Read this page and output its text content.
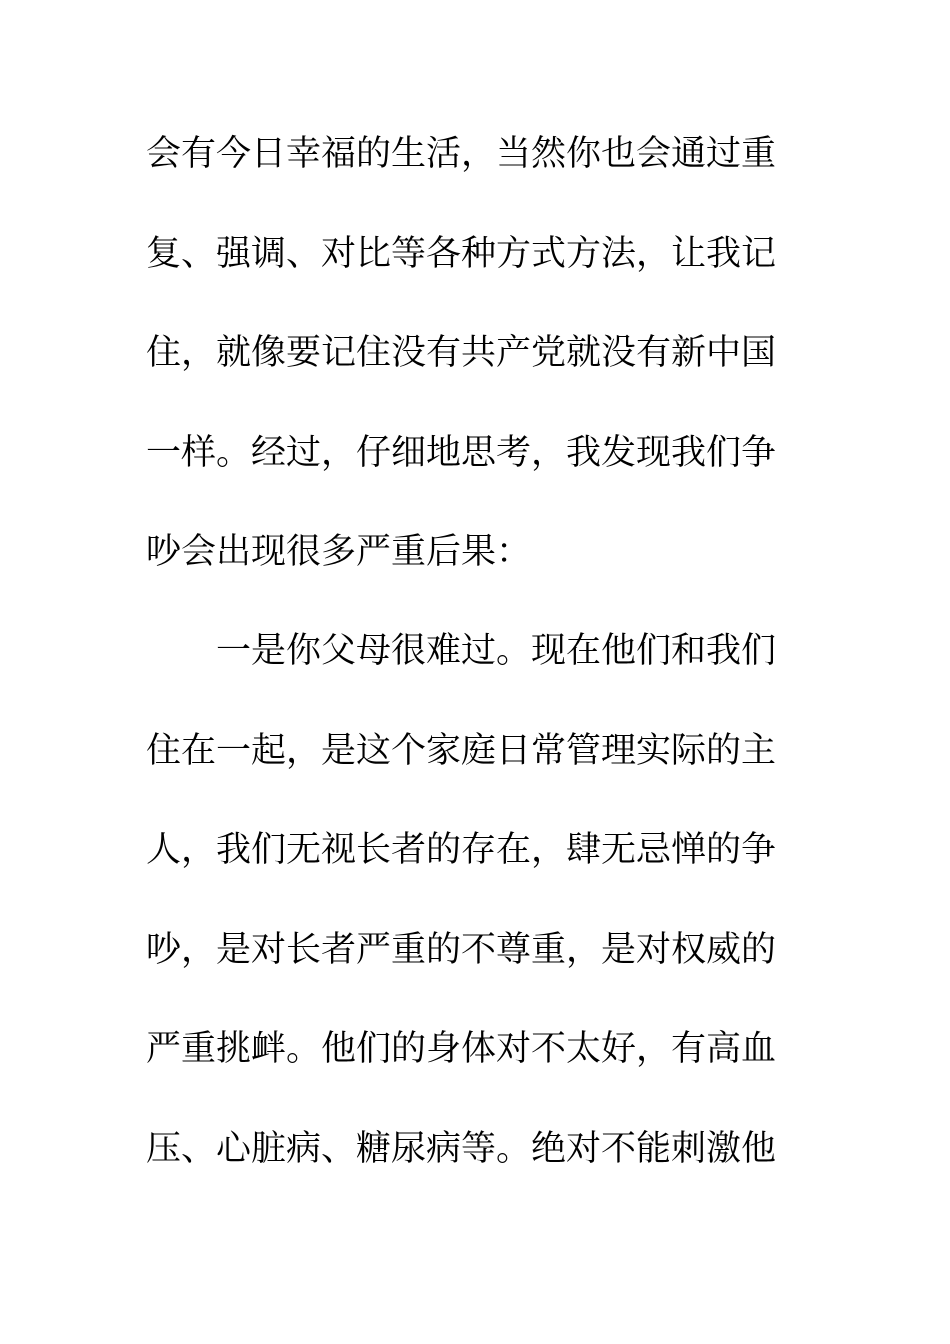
会有今日幸福的生活，当然你也会通过重
复、强调、对比等各种方式方法，让我记
住，就像要记住没有共产党就没有新中国
一样。经过，仔细地思考，我发现我们争
吵会出现很多严重后果：
一是你父母很难过。现在他们和我们
住在一起，是这个家庭日常管理实际的主
人，我们无视长者的存在，肆无忌惮的争
吵，是对长者严重的不尊重，是对权威的
严重挑衅。他们的身体对不太好，有高血
压、心脏病、糖尿病等。绝对不能刺激他
